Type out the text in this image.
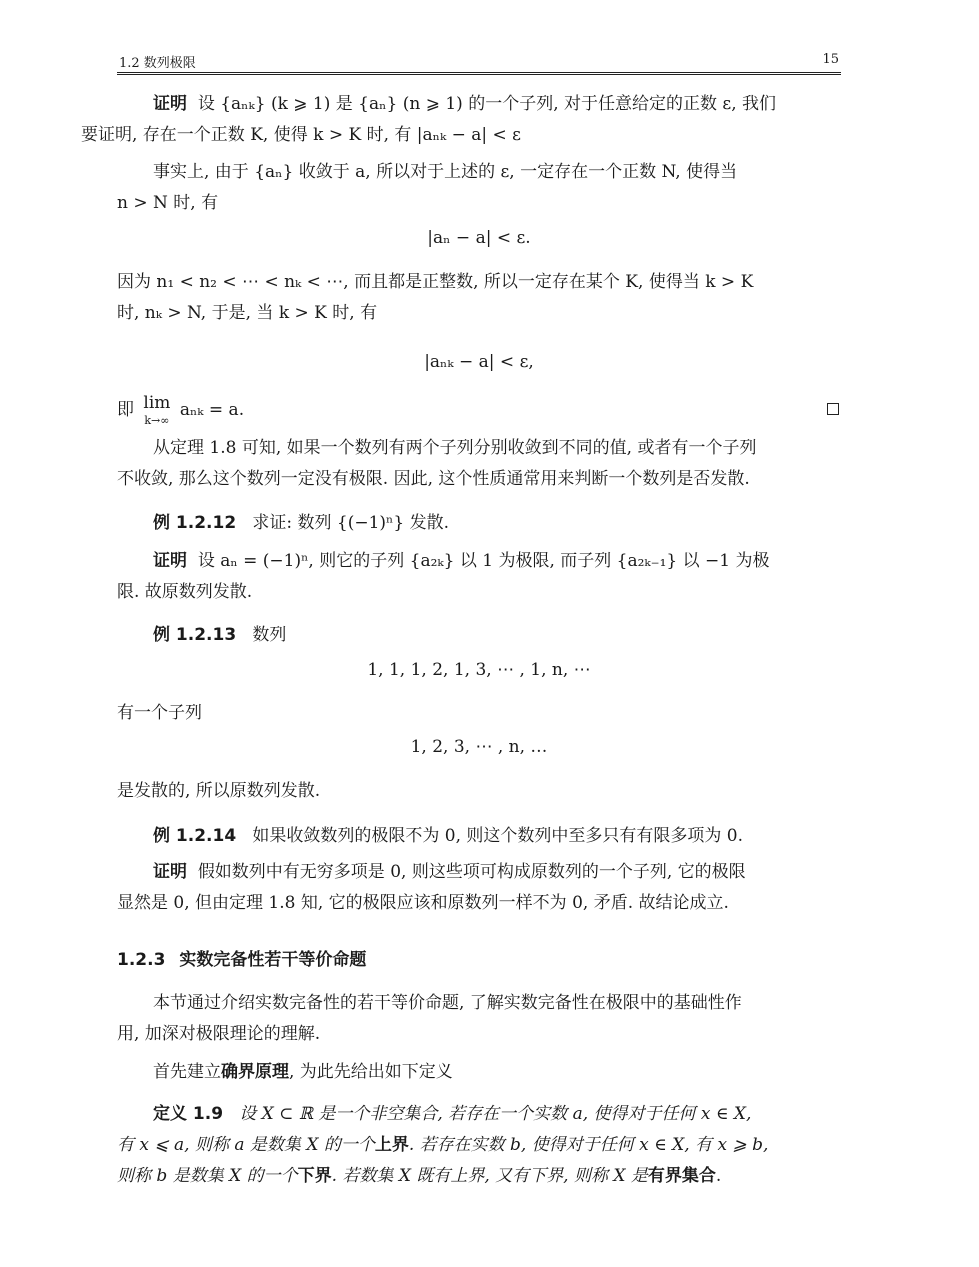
1.2 数列极限	15
证明 设 {aₙₖ} (k ⩾ 1) 是 {aₙ} (n ⩾ 1) 的一个子列, 对于任意给定的正数 ε, 我们
要证明, 存在一个正数 K, 使得 k > K 时, 有 |aₙₖ − a| < ε
事实上, 由于 {aₙ} 收敛于 a, 所以对于上述的 ε, 一定存在一个正数 N, 使得当
n > N 时, 有
|aₙ − a| < ε.
因为 n₁ < n₂ < ⋯ < nₖ < ⋯, 而且都是正整数, 所以一定存在某个 K, 使得当 k > K
时, nₖ > N, 于是, 当 k > K 时, 有
|aₙₖ − a| < ε,
即 lim
k→∞ aₙₖ = a.
从定理 1.8 可知, 如果一个数列有两个子列分别收敛到不同的值, 或者有一个子列
不收敛, 那么这个数列一定没有极限. 因此, 这个性质通常用来判断一个数列是否发散.
例 1.2.12 求证: 数列 {(−1)ⁿ} 发散.
证明 设 aₙ = (−1)ⁿ, 则它的子列 {a₂ₖ} 以 1 为极限, 而子列 {a₂ₖ₋₁} 以 −1 为极
限. 故原数列发散.
例 1.2.13 数列
1, 1, 1, 2, 1, 3, ⋯ , 1, n, ⋯
有一个子列
1, 2, 3, ⋯ , n, …
是发散的, 所以原数列发散.
例 1.2.14 如果收敛数列的极限不为 0, 则这个数列中至多只有有限多项为 0.
证明 假如数列中有无穷多项是 0, 则这些项可构成原数列的一个子列, 它的极限
显然是 0, 但由定理 1.8 知, 它的极限应该和原数列一样不为 0, 矛盾. 故结论成立.
1.2.3 实数完备性若干等价命题
本节通过介绍实数完备性的若干等价命题, 了解实数完备性在极限中的基础性作
用, 加深对极限理论的理解.
首先建立确界原理, 为此先给出如下定义
定义 1.9 设 X ⊂ ℝ 是一个非空集合, 若存在一个实数 a, 使得对于任何 x ∈ X,
有 x ⩽ a, 则称 a 是数集 X 的一个上界. 若存在实数 b, 使得对于任何 x ∈ X, 有 x ⩾ b,
则称 b 是数集 X 的一个下界. 若数集 X 既有上界, 又有下界, 则称 X 是有界集合.
